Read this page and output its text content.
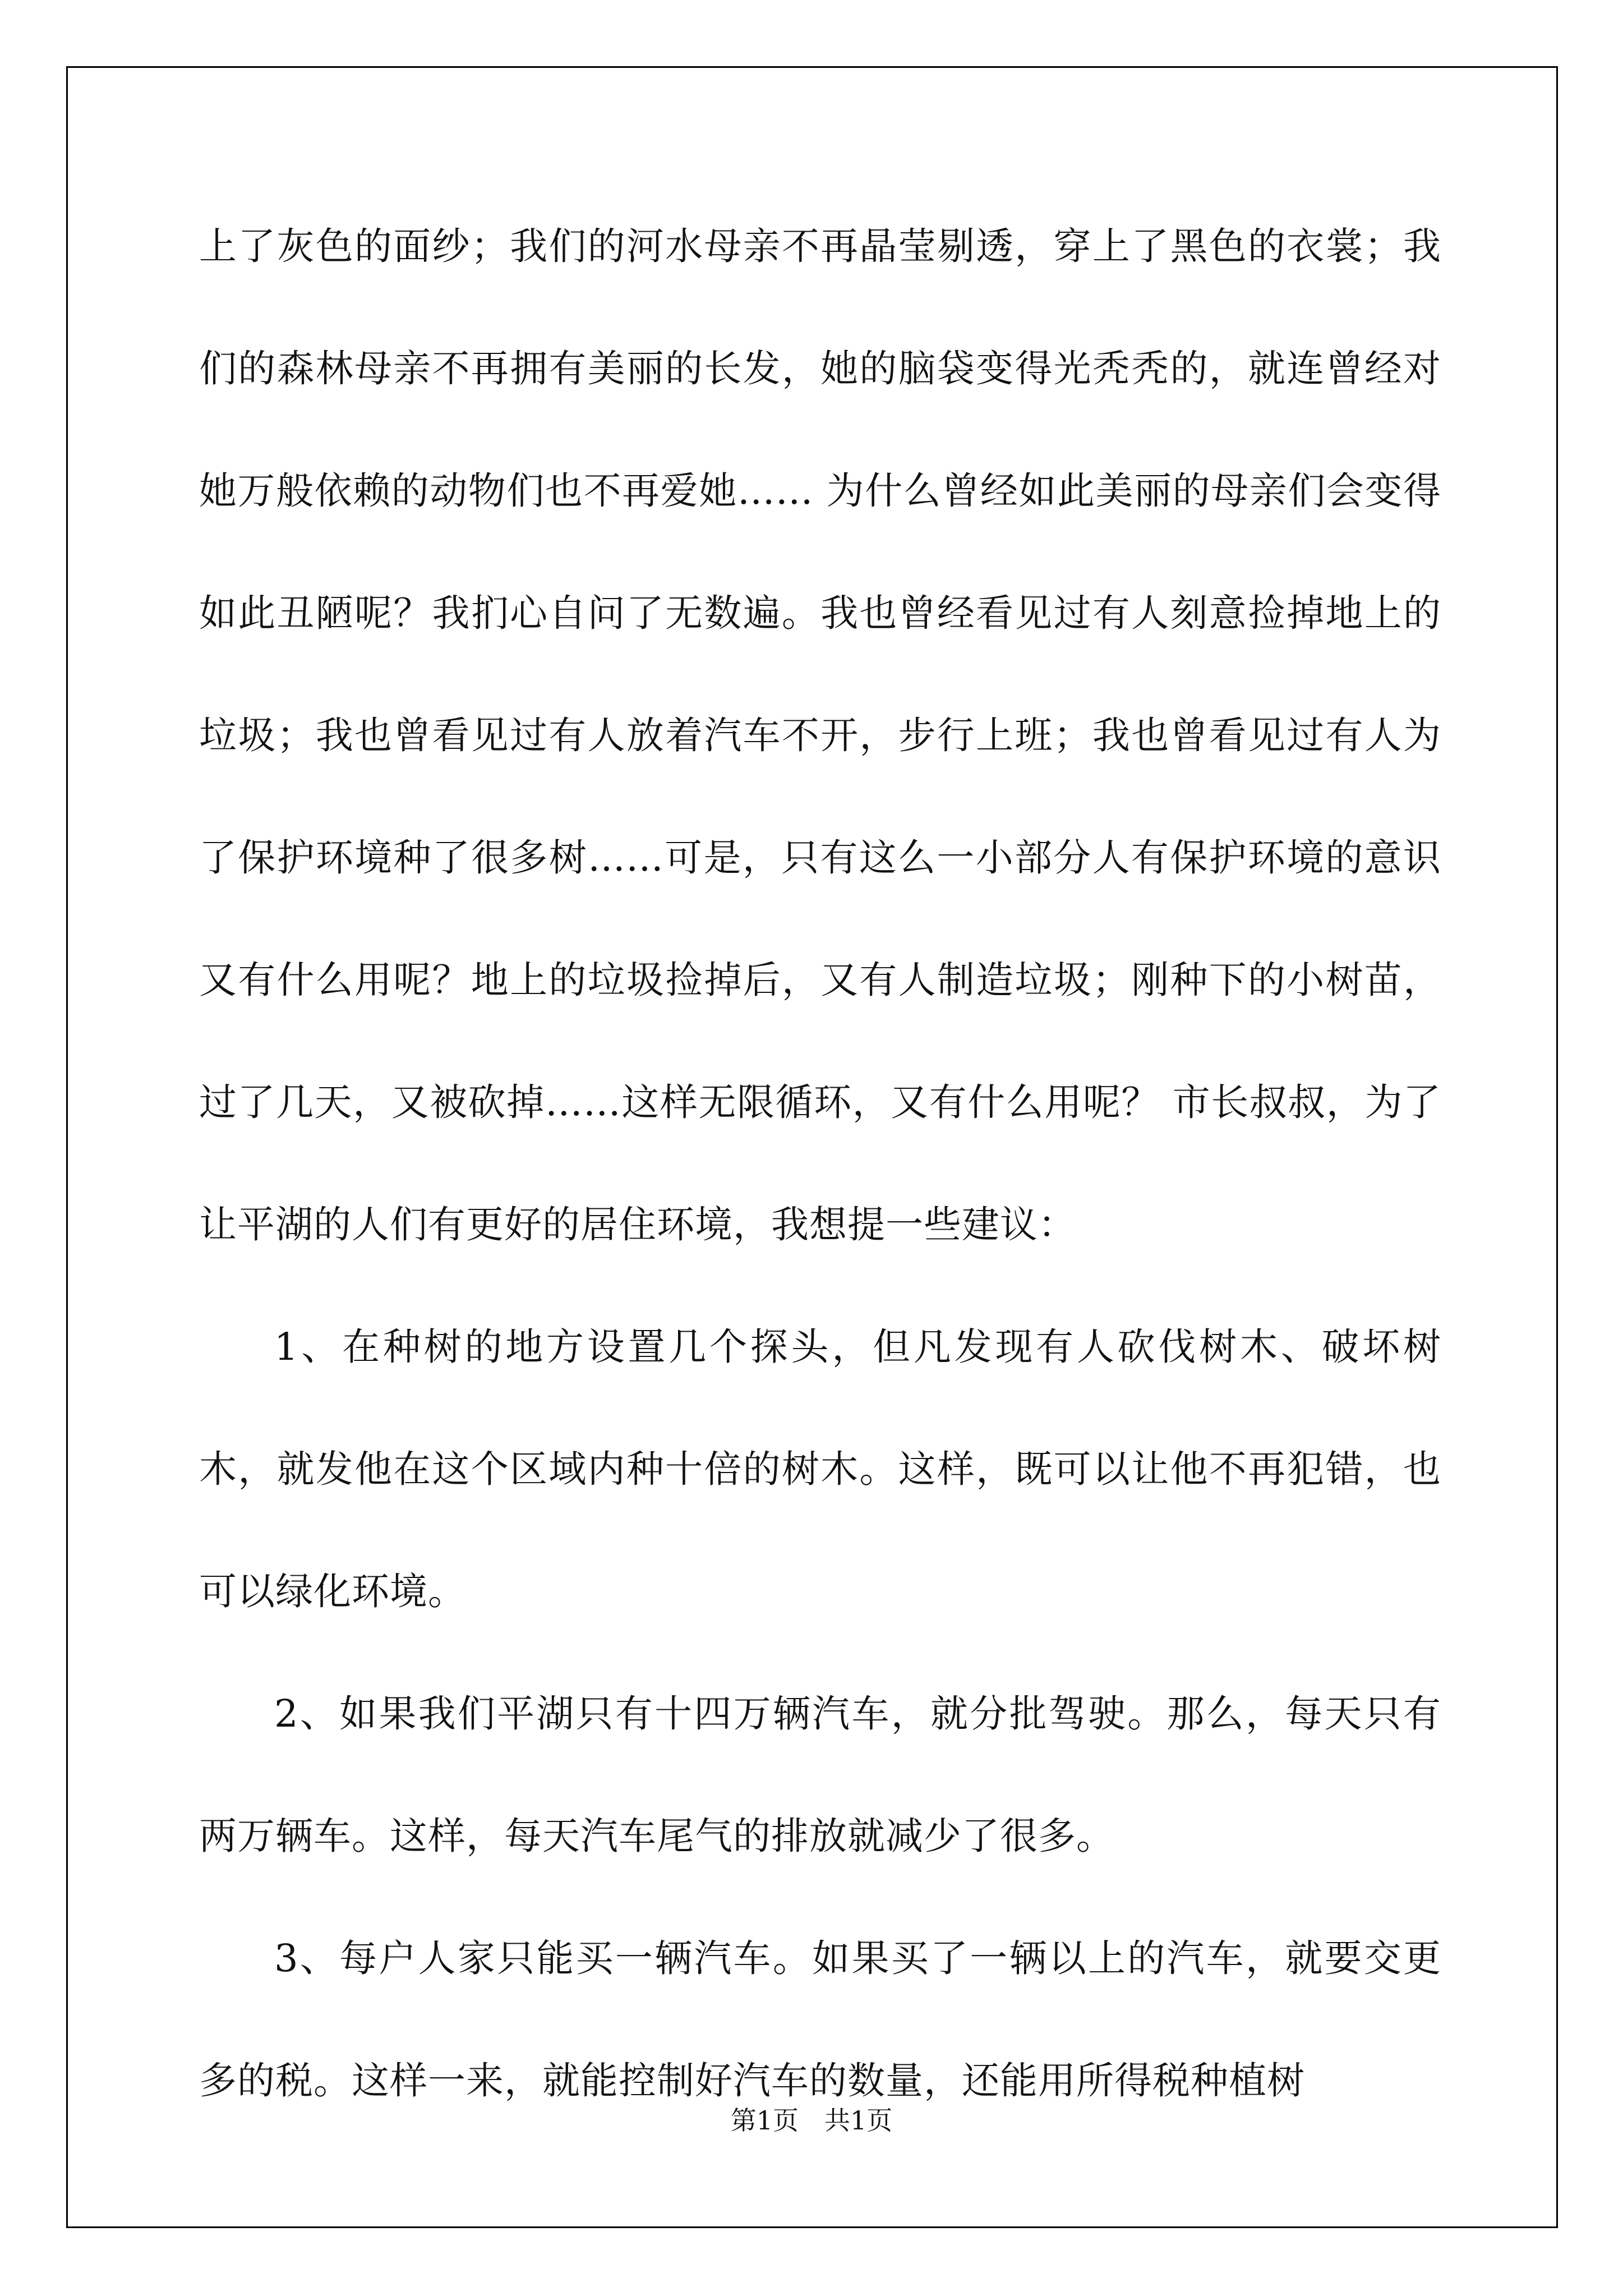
上了灰色的面纱；我们的河水母亲不再晶莹剔透，穿上了黑色的衣裳；我们的森林母亲不再拥有美丽的长发，她的脑袋变得光秃秃的，就连曾经对她万般依赖的动物们也不再爱她…… 为什么曾经如此美丽的母亲们会变得如此丑陋呢？我扪心自问了无数遍。我也曾经看见过有人刻意捡掉地上的垃圾；我也曾看见过有人放着汽车不开，步行上班；我也曾看见过有人为了保护环境种了很多树……可是，只有这么一小部分人有保护环境的意识又有什么用呢？地上的垃圾捡掉后，又有人制造垃圾；刚种下的小树苗，过了几天，又被砍掉……这样无限循环，又有什么用呢？ 市长叔叔，为了让平湖的人们有更好的居住环境，我想提一些建议：

1、在种树的地方设置几个探头，但凡发现有人砍伐树木、破坏树木，就发他在这个区域内种十倍的树木。这样，既可以让他不再犯错，也可以绿化环境。

2、如果我们平湖只有十四万辆汽车，就分批驾驶。那么，每天只有两万辆车。这样，每天汽车尾气的排放就减少了很多。

3、每户人家只能买一辆汽车。如果买了一辆以上的汽车，就要交更多的税。这样一来，就能控制好汽车的数量，还能用所得税种植树

第1页 共1页
